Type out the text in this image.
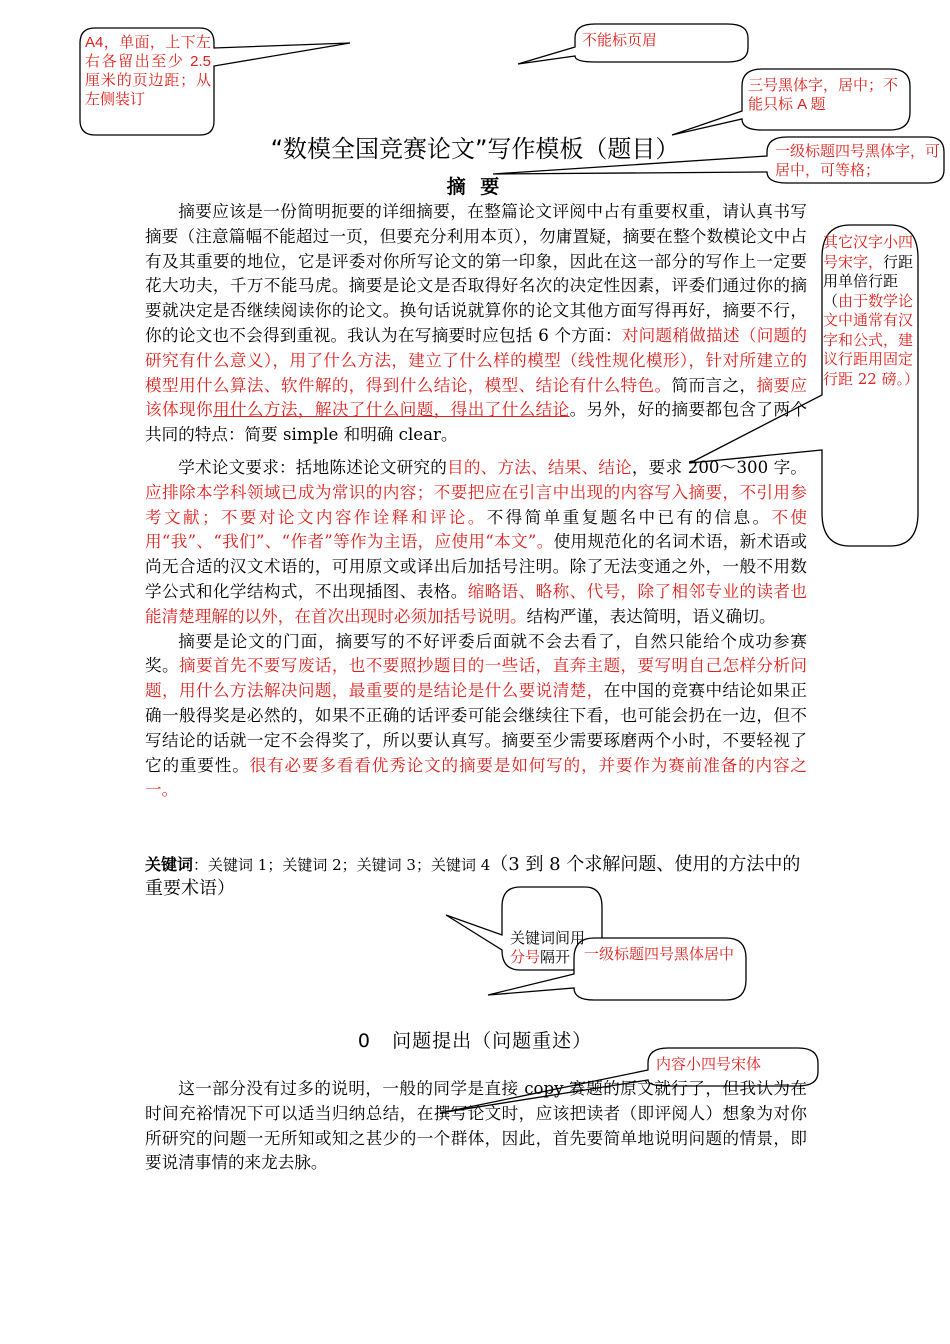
A4，单面，上下左右各留出至少 2.5 厘米的页边距；从左侧装订
不能标页眉
三号黑体字，居中；不能只标 A 题
一级标题四号黑体字，可居中，可等格；
其它汉字小四号宋字，行距用单倍行距（由于数学论文中通常有汉字和公式，建议行距用固定行距 22 磅。）
关键词间用分号隔开 一级标题四号黑体居中
内容小四号宋体
“数模全国竞赛论文”写作模板（题目）
摘 要

摘要应该是一份简明扼要的详细摘要，在整篇论文评阅中占有重要权重，请认真书写摘要（注意篇幅不能超过一页，但要充分利用本页），勿庸置疑，摘要在整个数模论文中占有及其重要的地位，它是评委对你所写论文的第一印象，因此在这一部分的写作上一定要花大功夫，千万不能马虎。摘要是论文是否取得好名次的决定性因素，评委们通过你的摘要就决定是否继续阅读你的论文。换句话说就算你的论文其他方面写得再好，摘要不行，你的论文也不会得到重视。我认为在写摘要时应包括 6 个方面：对问题稍做描述（问题的研究有什么意义），用了什么方法，建立了什么样的模型（线性规化模形），针对所建立的模型用什么算法、软件解的，得到什么结论，模型、结论有什么特色。简而言之，摘要应该体现你用什么方法，解决了什么问题，得出了什么结论。另外，好的摘要都包含了两个共同的特点：简要 simple 和明确 clear。

学术论文要求：括地陈述论文研究的目的、方法、结果、结论，要求 200～300 字。应排除本学科领域已成为常识的内容；不要把应在引言中出现的内容写入摘要，不引用参考文献；不要对论文内容作诠释和评论。不得简单重复题名中已有的信息。不使用“我”、“我们”、“作者”等作为主语，应使用“本文”。使用规范化的名词术语，新术语或尚无合适的汉文术语的，可用原文或译出后加括号注明。除了无法变通之外，一般不用数学公式和化学结构式，不出现插图、表格。缩略语、略称、代号，除了相邻专业的读者也能清楚理解的以外，在首次出现时必须加括号说明。结构严谨，表达简明，语义确切。

摘要是论文的门面，摘要写的不好评委后面就不会去看了，自然只能给个成功参赛奖。摘要首先不要写废话，也不要照抄题目的一些话，直奔主题，要写明自己怎样分析问题，用什么方法解决问题，最重要的是结论是什么要说清楚，在中国的竞赛中结论如果正确一般得奖是必然的，如果不正确的话评委可能会继续往下看，也可能会扔在一边，但不写结论的话就一定不会得奖了，所以要认真写。摘要至少需要琢磨两个小时，不要轻视了它的重要性。很有必要多看看优秀论文的摘要是如何写的，并要作为赛前准备的内容之一。

关键词：关键词 1；关键词 2；关键词 3；关键词 4（3 到 8 个求解问题、使用的方法中的重要术语）
0 问题提出（问题重述）

这一部分没有过多的说明，一般的同学是直接 copy 赛题的原文就行了，但我认为在时间充裕情况下可以适当归纳总结，在撰写论文时，应该把读者（即评阅人）想象为对你所研究的问题一无所知或知之甚少的一个群体，因此，首先要简单地说明问题的情景，即要说清事情的来龙去脉。
